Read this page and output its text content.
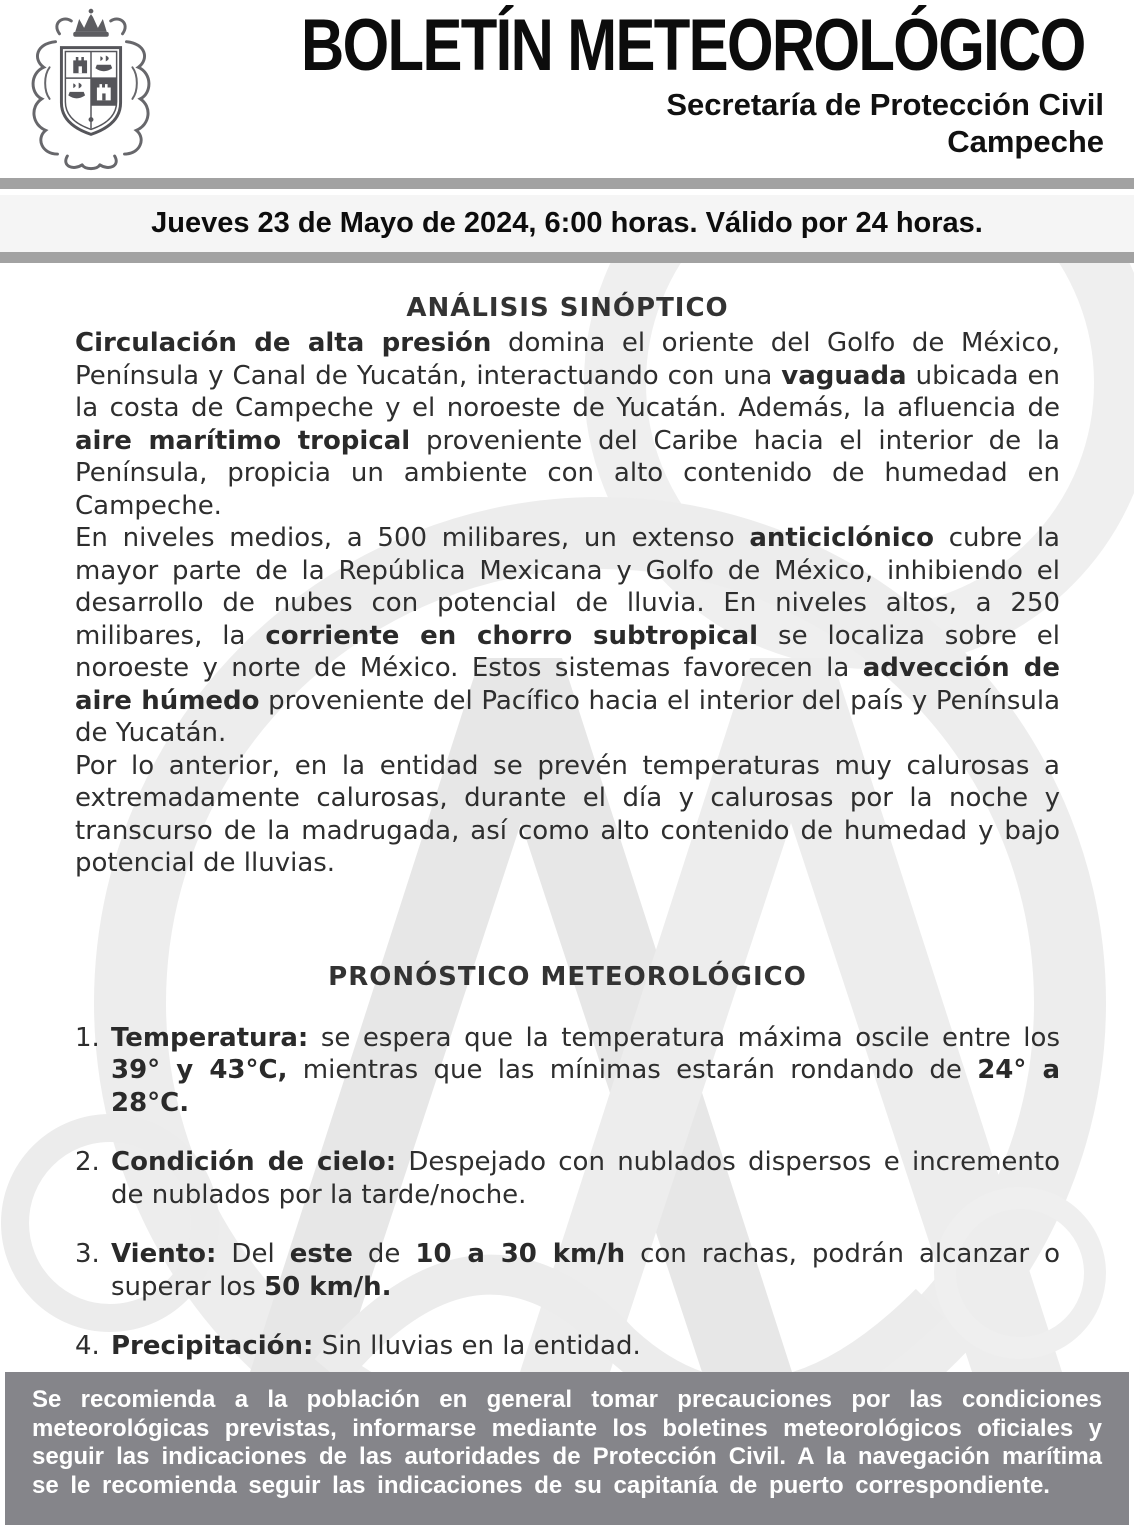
BOLETÍN METEOROLÓGICO
Secretaría de Protección Civil
Campeche
Jueves 23 de Mayo de 2024, 6:00 horas. Válido por 24 horas.
ANÁLISIS SINÓPTICO

Circulación de alta presión domina el oriente del Golfo de México, Península y Canal de Yucatán, interactuando con una vaguada ubicada en la costa de Campeche y el noroeste de Yucatán. Además, la afluencia de aire marítimo tropical proveniente del Caribe hacia el interior de la Península, propicia un ambiente con alto contenido de humedad en Campeche.

En niveles medios, a 500 milibares, un extenso anticiclónico cubre la mayor parte de la República Mexicana y Golfo de México, inhibiendo el desarrollo de nubes con potencial de lluvia. En niveles altos, a 250 milibares, la corriente en chorro subtropical se localiza sobre el noroeste y norte de México. Estos sistemas favorecen la advección de aire húmedo proveniente del Pacífico hacia el interior del país y Península de Yucatán.

Por lo anterior, en la entidad se prevén temperaturas muy calurosas a extremadamente calurosas, durante el día y calurosas por la noche y transcurso de la madrugada, así como alto contenido de humedad y bajo potencial de lluvias.

PRONÓSTICO METEOROLÓGICO
1. Temperatura: se espera que la temperatura máxima oscile entre los 39° y 43°C, mientras que las mínimas estarán rondando de 24° a 28°C.
2. Condición de cielo: Despejado con nublados dispersos e incremento de nublados por la tarde/noche.
3. Viento: Del este de 10 a 30 km/h con rachas, podrán alcanzar o superar los 50 km/h.
4. Precipitación: Sin lluvias en la entidad.

Se recomienda a la población en general tomar precauciones por las condiciones meteorológicas previstas, informarse mediante los boletines meteorológicos oficiales y seguir las indicaciones de las autoridades de Protección Civil. A la navegación marítima se le recomienda seguir las indicaciones de su capitanía de puerto correspondiente.
